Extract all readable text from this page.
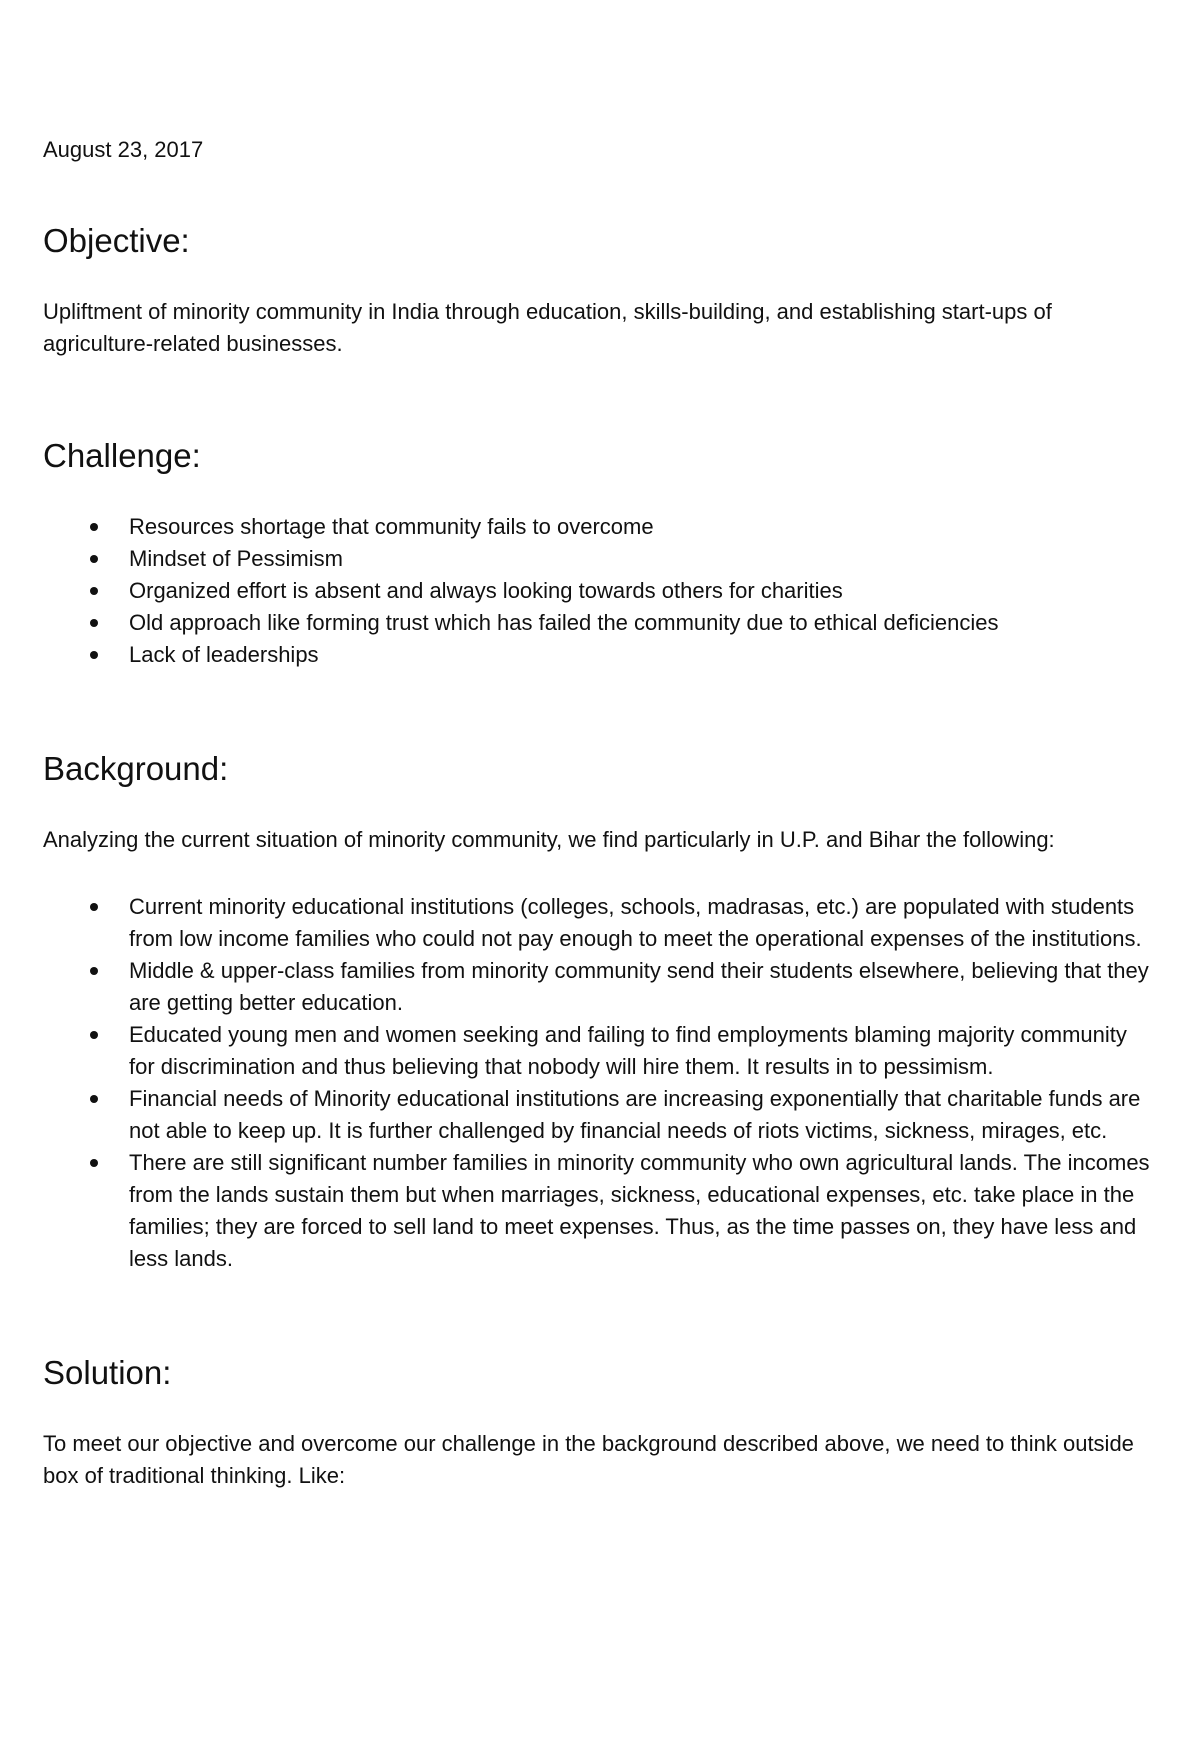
August 23, 2017
Objective:

Upliftment of minority community in India through education, skills-building, and establishing start-ups of agriculture-related businesses.

Challenge:
Resources shortage that community fails to overcome
Mindset of Pessimism
Organized effort is absent and always looking towards others for charities
Old approach like forming trust which has failed the community due to ethical deficiencies
Lack of leaderships
Background:

Analyzing the current situation of minority community, we find particularly in U.P. and Bihar the following:

Current minority educational institutions (colleges, schools, madrasas, etc.) are populated with students from low income families who could not pay enough to meet the operational expenses of the institutions.
Middle & upper-class families from minority community send their students elsewhere, believing that they are getting better education.
Educated young men and women seeking and failing to find employments blaming majority community for discrimination and thus believing that nobody will hire them. It results in to pessimism.
Financial needs of Minority educational institutions are increasing exponentially that charitable funds are not able to keep up. It is further challenged by financial needs of riots victims, sickness, mirages, etc.
There are still significant number families in minority community who own agricultural lands. The incomes from the lands sustain them but when marriages, sickness, educational expenses, etc. take place in the families; they are forced to sell land to meet expenses. Thus, as the time passes on, they have less and less lands.
Solution:

To meet our objective and overcome our challenge in the background described above, we need to think outside box of traditional thinking. Like:
